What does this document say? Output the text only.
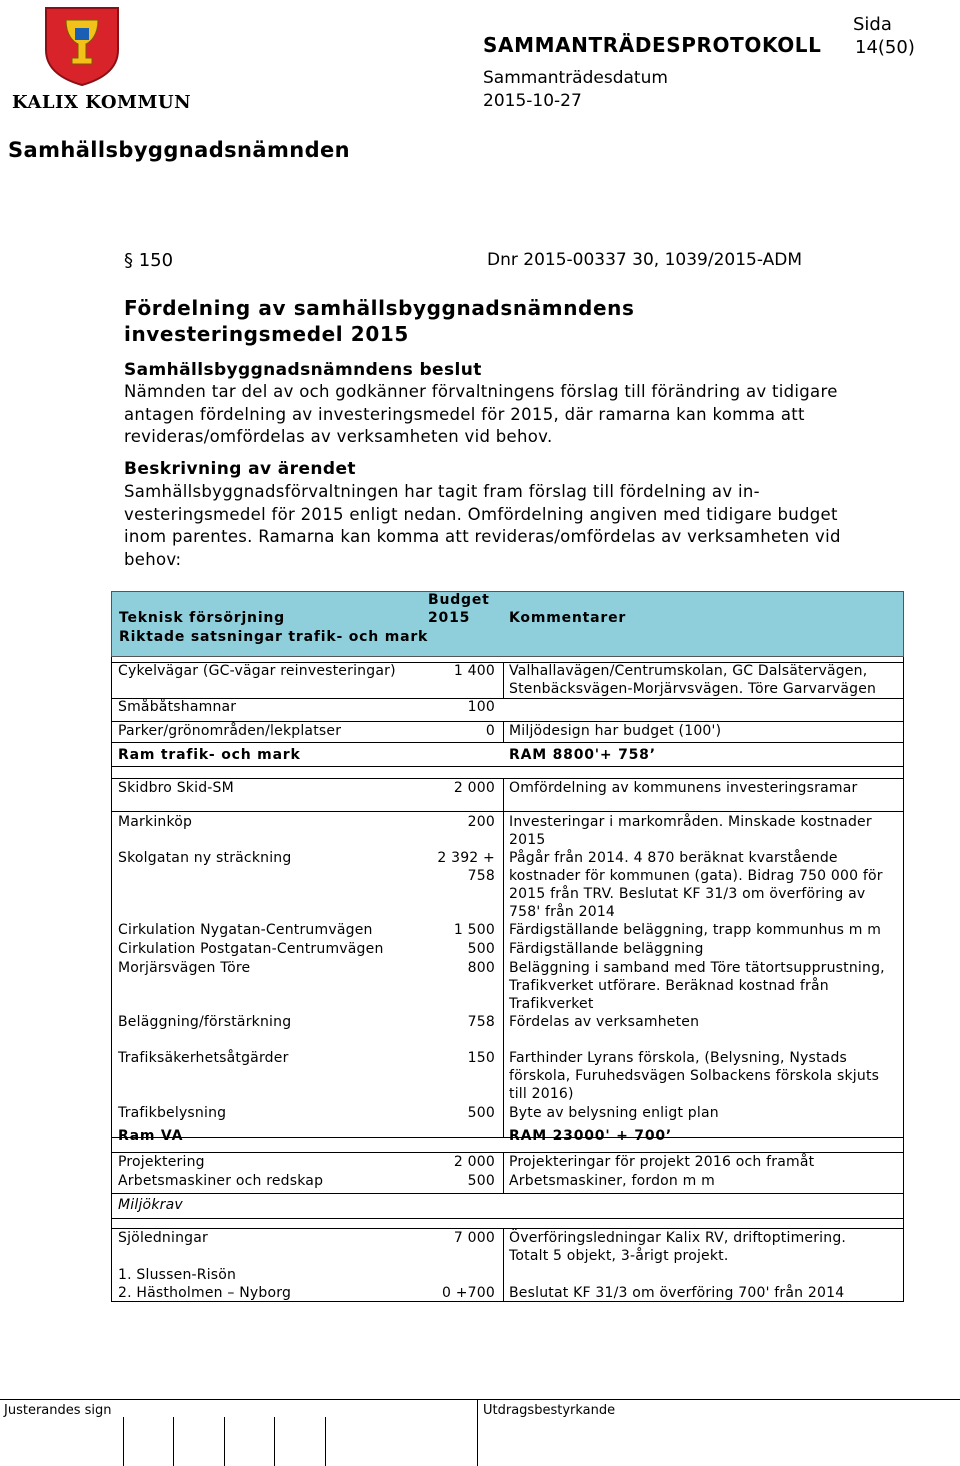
KALIX KOMMUN
Sida
14(50)
SAMMANTRÄDESPROTOKOLL
Sammanträdesdatum
2015-10-27
Samhällsbyggnadsnämnden
§ 150	Dnr 2015-00337 30, 1039/2015-ADM
Fördelning av samhällsbyggnadsnämndens investeringsmedel 2015
Samhällsbyggnadsnämndens beslut
Nämnden tar del av och godkänner förvaltningens förslag till förändring av tidigare antagen fördelning av investeringsmedel för 2015, där ramarna kan komma att revideras/omfördelas av verksamheten vid behov.
Beskrivning av ärendet
Samhällsbyggnadsförvaltningen har tagit fram förslag till fördelning av in-vesteringsmedel för 2015 enligt nedan. Omfördelning angiven med tidigare budget inom parentes. Ramarna kan komma att revideras/omfördelas av verksamheten vid behov:
Teknisk försörjning
Riktade satsningar trafik- och mark
Budget
2015	Kommentarer
Cykelvägar (GC-vägar reinvesteringar)	1 400 Valhallavägen/Centrumskolan, GC Dalsätervägen,
Stenbäcksvägen-Morjärvsvägen. Töre Garvarvägen
Småbåtshamnar	100
Parker/grönområden/lekplatser	0 Miljödesign har budget (100')
Ram trafik- och mark	RAM 8800'+ 758’
Skidbro Skid-SM	2 000 Omfördelning av kommunens investeringsramar
Markinköp	200 Investeringar i markområden. Minskade kostnader
2015
Skolgatan ny sträckning	2 392 +
758
Pågår från 2014. 4 870 beräknat kvarstående
kostnader för kommunen (gata). Bidrag 750 000 för
2015 från TRV. Beslutat KF 31/3 om överföring av
758' från 2014
Cirkulation Nygatan-Centrumvägen	1 500 Färdigställande beläggning, trapp kommunhus m m
Cirkulation Postgatan-Centrumvägen	500 Färdigställande beläggning
Morjärsvägen Töre	800 Beläggning i samband med Töre tätortsupprustning,
Trafikverket utförare. Beräknad kostnad från
Trafikverket
Beläggning/förstärkning	758 Fördelas av verksamheten
Trafiksäkerhetsåtgärder	150 Farthinder Lyrans förskola, (Belysning, Nystads
förskola, Furuhedsvägen Solbackens förskola skjuts
till 2016)
Trafikbelysning	500 Byte av belysning enligt plan
Ram VA	RAM 23000' + 700’
Projektering	2 000 Projekteringar för projekt 2016 och framåt
Arbetsmaskiner och redskap	500 Arbetsmaskiner, fordon m m
Miljökrav
Sjöledningar	7 000 Överföringsledningar Kalix RV, driftoptimering.
Totalt 5 objekt, 3-årigt projekt.
1. Slussen-Risön
2. Hästholmen – Nyborg	0 +700 Beslutat KF 31/3 om överföring 700' från 2014
Justerandes sign	Utdragsbestyrkande
